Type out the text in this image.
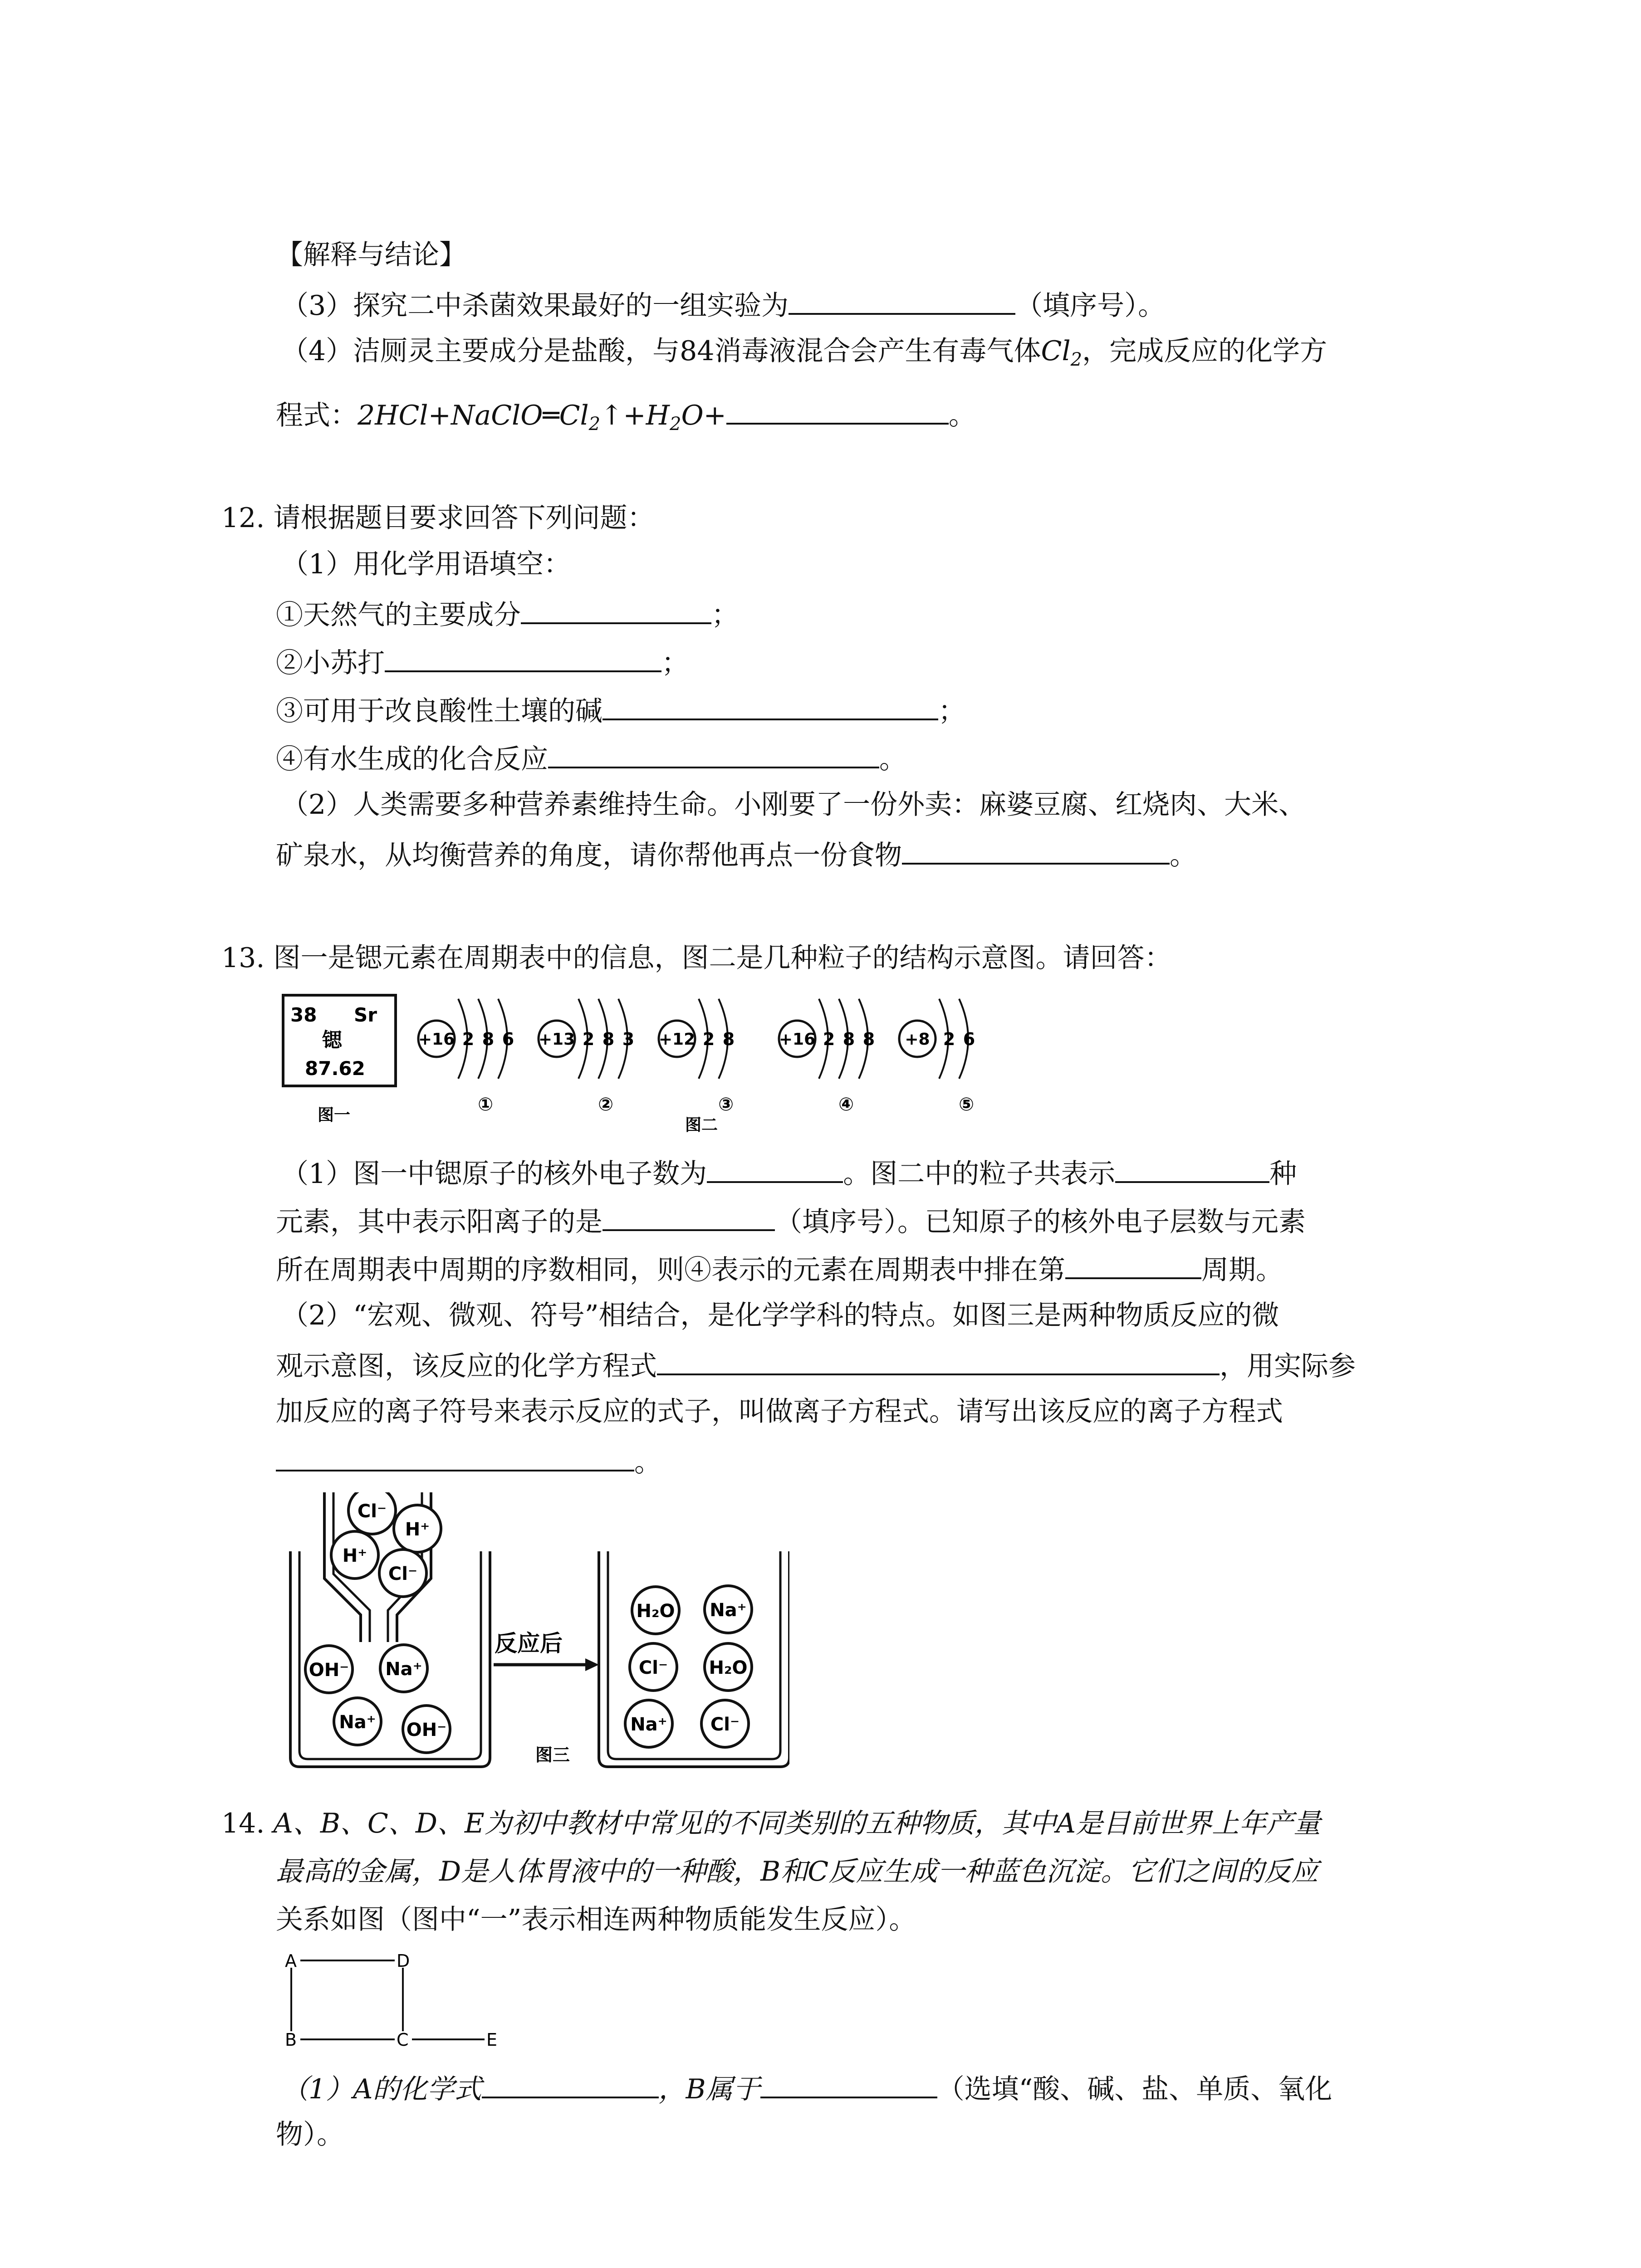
【解释与结论】
（3）探究二中杀菌效果最好的一组实验为	（填序号）。
（4）洁厕灵主要成分是盐酸，与84消毒液混合会产生有毒气体$Cl_2$，完成反应的化学方
程式：$2HCl+NaClO═Cl_2↑+H_2O+$	。
12. 请根据题目要求回答下列问题：
（1）用化学用语填空：
①天然气的主要成分	；
②小苏打	；
③可用于改良酸性土壤的碱	；
④有水生成的化合反应	。
（2）人类需要多种营养素维持生命。小刚要了一份外卖：麻婆豆腐、红烧肉、大米、
矿泉水，从均衡营养的角度，请你帮他再点一份食物	。
13. 图一是锶元素在周期表中的信息，图二是几种粒子的结构示意图。请回答：
38 Sr
锶
87.62
图一
图二
+16 2 8 6
①
+13 2 8 3
②
+12 2 8
③
+16 2 8 8
④
+8 2 6
⑤
（1）图一中锶原子的核外电子数为	。图二中的粒子共表示	种
元素，其中表示阳离子的是	（填序号）。已知原子的核外电子层数与元素
所在周期表中周期的序数相同，则④表示的元素在周期表中排在第	周期。
（2）“宏观、微观、符号”相结合，是化学学科的特点。如图三是两种物质反应的微
观示意图，该反应的化学方程式	，用实际参
加反应的离子符号来表示反应的式子，叫做离子方程式。请写出该反应的离子方程式
。
反应后
Cl⁻
H⁺
H⁺
Cl⁻
OH⁻ Na⁺
Na⁺ OH⁻
H₂O Na⁺
Cl⁻ H₂O
Na⁺ Cl⁻
图三
14. A、B、C、D、E为初中教材中常见的不同类别的五种物质，其中A是目前世界上年产量
最高的金属，D是人体胃液中的一种酸，B和C反应生成一种蓝色沉淀。它们之间的反应
关系如图（图中“一”表示相连两种物质能发生反应）。
A	D
B	C	E
（1）A的化学式	，B属于	（选填“酸、碱、盐、单质、氧化
物）。
